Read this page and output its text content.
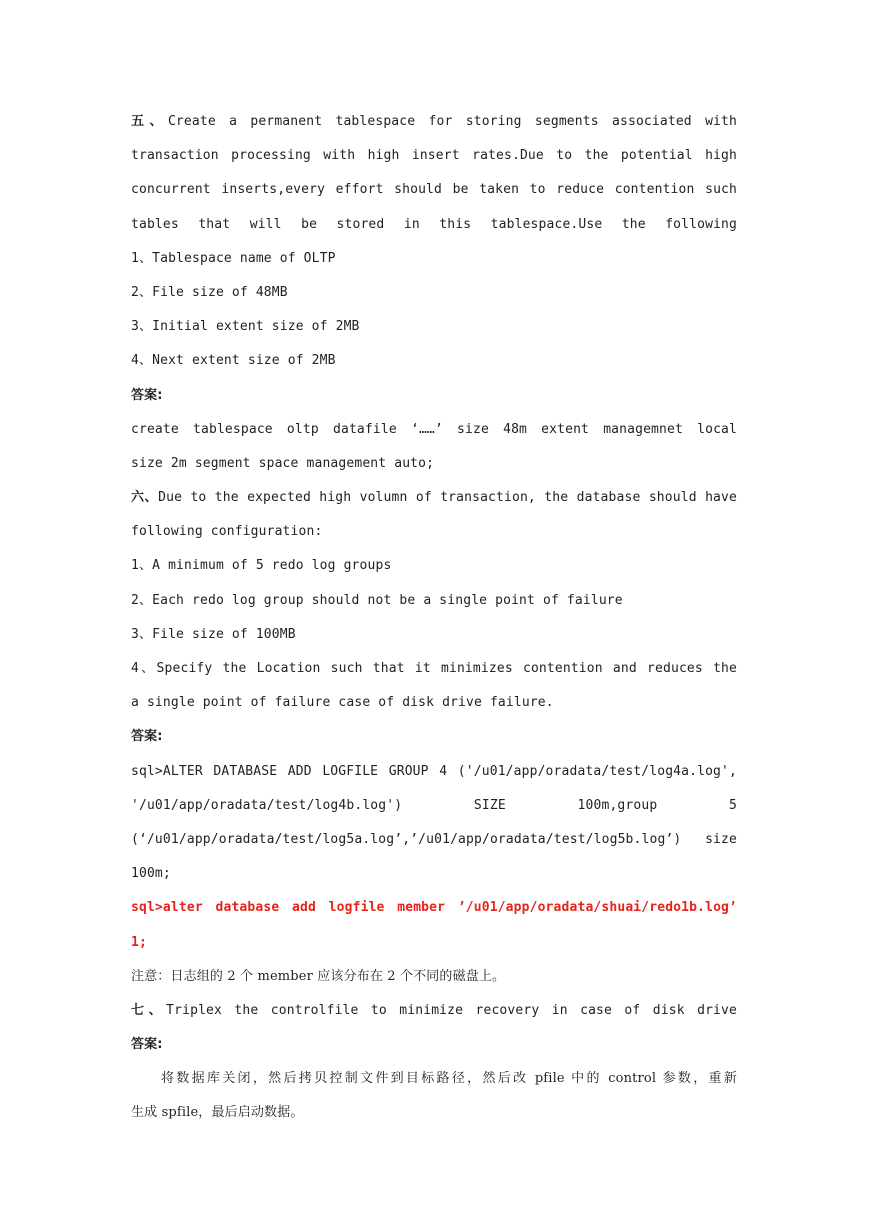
五、Create a permanent tablespace for storing segments associated with
transaction processing with high insert rates.Due to the potential high
concurrent inserts,every effort should be taken to reduce contention such
tables that will be stored in this tablespace.Use the following
1、Tablespace name of OLTP
2、File size of 48MB
3、Initial extent size of 2MB
4、Next extent size of 2MB
答案:
create tablespace oltp datafile ‘……’ size 48m extent managemnet local
size 2m segment space management auto;
六、Due to the expected high volumn of transaction, the database should have
following configuration:
1、A minimum of 5 redo log groups
2、Each redo log group should not be a single point of failure
3、File size of 100MB
4、Specify the Location such that it minimizes contention and reduces the
a single point of failure case of disk drive failure.
答案:
sql>ALTER DATABASE ADD LOGFILE GROUP 4 ('/u01/app/oradata/test/log4a.log',
'/u01/app/oradata/test/log4b.log') SIZE 100m,group 5
(‘/u01/app/oradata/test/log5a.log’,’/u01/app/oradata/test/log5b.log’) size
100m;
sql>alter database add logfile member ’/u01/app/oradata/shuai/redo1b.log’
1;
注意：日志组的 2 个 member 应该分布在 2 个不同的磁盘上。
七、Triplex the controlfile to minimize recovery in case of disk drive
答案:
将数据库关闭，然后拷贝控制文件到目标路径，然后改 pfile 中的 control 参数，重新
生成 spfile，最后启动数据。
